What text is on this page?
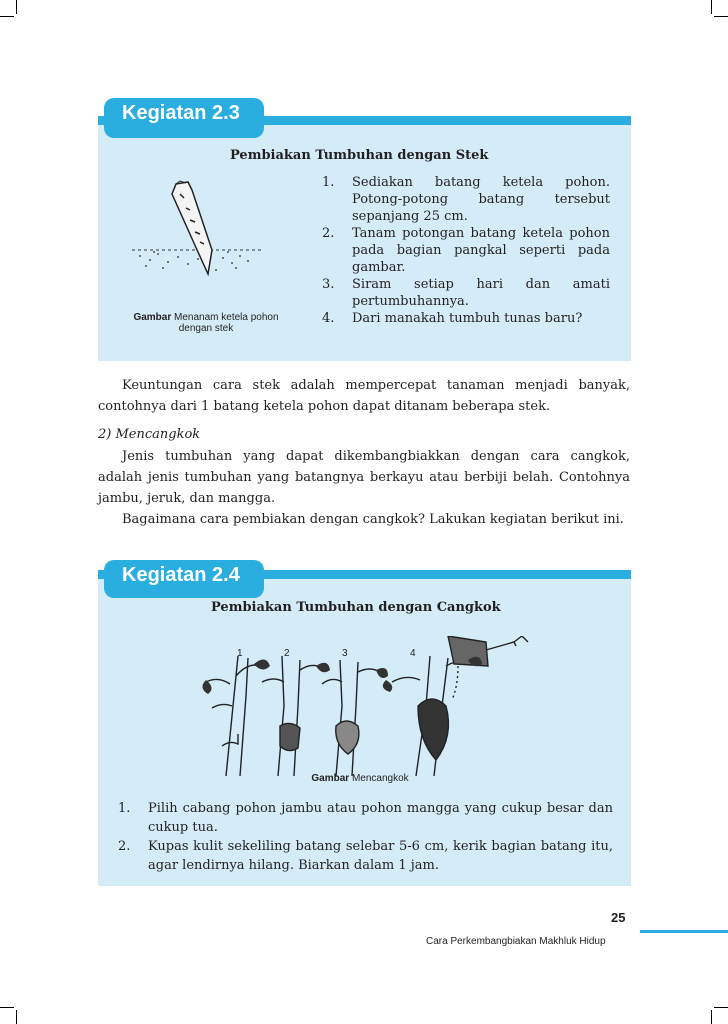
Kegiatan 2.3
Pembiakan Tumbuhan dengan Stek
Gambar Menanam ketela pohon dengan stek
1. Sediakan batang ketela pohon. Potong-potong batang tersebut sepanjang 25 cm.
2. Tanam potongan batang ketela pohon pada bagian pangkal seperti pada gambar.
3. Siram setiap hari dan amati pertumbuhannya.
4. Dari manakah tumbuh tunas baru?

Keuntungan cara stek adalah mempercepat tanaman menjadi banyak, contohnya dari 1 batang ketela pohon dapat ditanam beberapa stek.

2) Mencangkok

Jenis tumbuhan yang dapat dikembangbiakkan dengan cara cangkok, adalah jenis tumbuhan yang batangnya berkayu atau berbiji belah. Contohnya jambu, jeruk, dan mangga.

Bagaimana cara pembiakan dengan cangkok? Lakukan kegiatan berikut ini.

Kegiatan 2.4
Pembiakan Tumbuhan dengan Cangkok
1	2	3	4
Gambar Mencangkok
1. Pilih cabang pohon jambu atau pohon mangga yang cukup besar dan cukup tua.
2. Kupas kulit sekeliling batang selebar 5-6 cm, kerik bagian batang itu, agar lendirnya hilang. Biarkan dalam 1 jam.
25
Cara Perkembangbiakan Makhluk Hidup
